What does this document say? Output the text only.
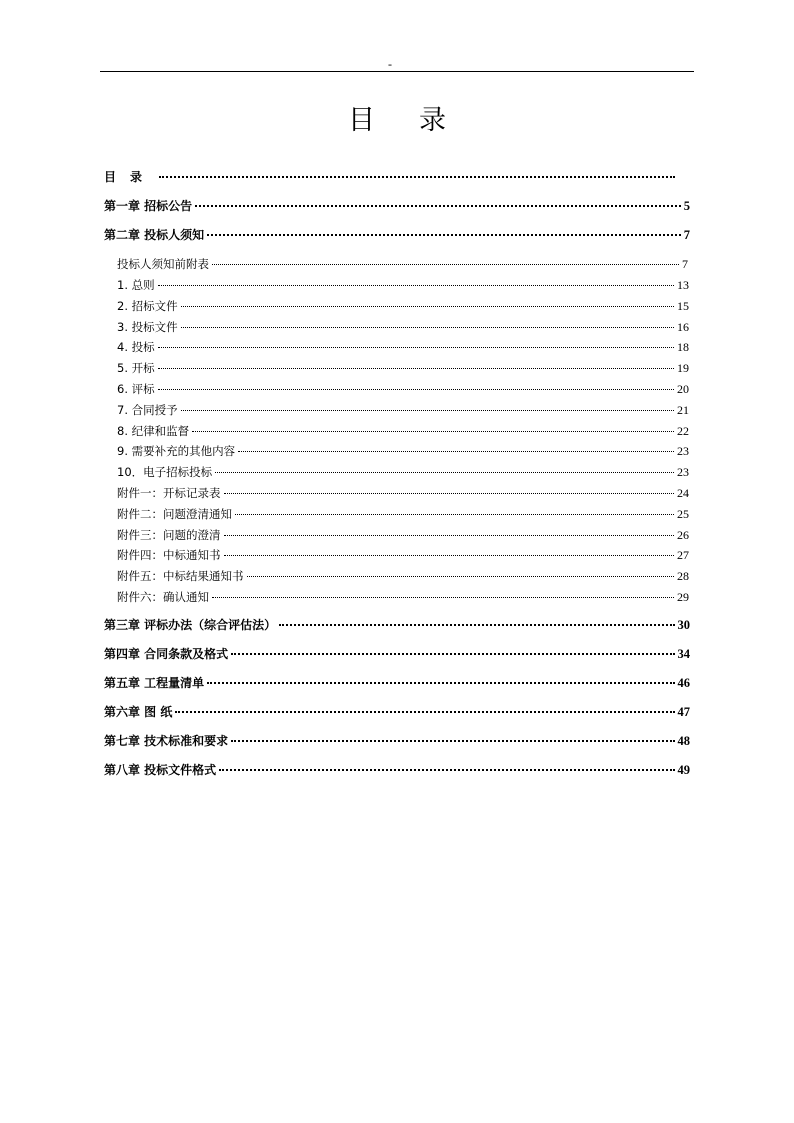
-
目录
目录
第一章 招标公告	5
第二章 投标人须知	7
投标人须知前附表	7
1. 总则	13
2. 招标文件	15
3. 投标文件	16
4. 投标	18
5. 开标	19
6. 评标	20
7. 合同授予	21
8. 纪律和监督	22
9. 需要补充的其他内容	23
10．电子招标投标	23
附件一：开标记录表	24
附件二：问题澄清通知	25
附件三：问题的澄清	26
附件四：中标通知书	27
附件五：中标结果通知书	28
附件六：确认通知	29
第三章 评标办法（综合评估法）	30
第四章 合同条款及格式	34
第五章 工程量清单	46
第六章 图 纸	47
第七章 技术标准和要求	48
第八章 投标文件格式	49
